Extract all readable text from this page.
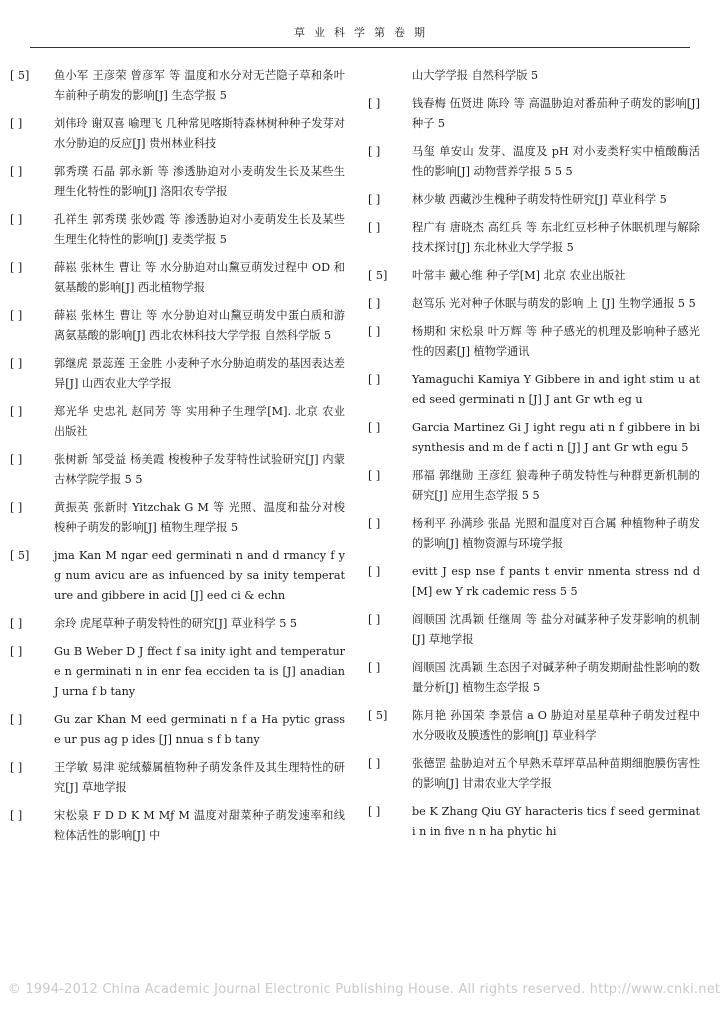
草业科学第卷期
[ 5]	鱼小军 王彦荣 曾彦军 等 温度和水分对无芒隐子草和条叶车前种子萌发的影响[J] 生态学报 5
[ ]	刘伟玲 谢双喜 喻理飞 几种常见喀斯特森林树种种子发芽对水分胁迫的反应[J] 贵州林业科技
[ ]	郭秀璞 石晶 郭永新 等 渗透胁迫对小麦萌发生长及某些生理生化特性的影响[J] 洛阳农专学报
[ ]	孔祥生 郭秀璞 张妙霞 等 渗透胁迫对小麦萌发生长及某些生理生化特性的影响[J] 麦类学报 5
[ ]	薛崧 张林生 曹让 等 水分胁迫对山黧豆萌发过程中 OD 和氨基酸的影响[J] 西北植物学报
[ ]	薛崧 张林生 曹让 等 水分胁迫对山黧豆萌发中蛋白质和游离氨基酸的影响[J] 西北农林科技大学学报 自然科学版 5
[ ]	郭继虎 景蕊莲 王金胜 小麦种子水分胁迫萌发的基因表达差异[J] 山西农业大学学报

[ ]	郑光华 史忠礼 赵同芳 等 实用种子生理学[M]. 北京 农业出版社
[ ]	张树新 邹受益 杨美霞 梭梭种子发芽特性试验研究[J] 内蒙古林学院学报 5 5
[ ]	黄振英 张新时 Yitzchak G M 等 光照、温度和盐分对梭梭种子萌发的影响[J] 植物生理学报 5
[ 5]	jma Kan M ngar eed germinati n and d rmancy f yg num avicu are as infuenced by sa inity temperature and gibbere in acid [J] eed ci & echn
[ ]	余玲 虎尾草种子萌发特性的研究[J] 草业科学 5 5
[ ]	Gu B Weber D J ffect f sa inity ight and temperature n germinati n in enr fea ecciden ta is [J] anadian J urna f b tany

[ ]	Gu zar Khan M eed germinati n f a Ha pytic grass e ur pus ag p ides [J] nnua s f b tany
[ ]	王学敏 易津 驼绒藜属植物种子萌发条件及其生理特性的研究[J] 草地学报

[ ]	宋松泉 F D D K M Mƒ M 温度对甜菜种子萌发速率和线粒体活性的影响[J] 中
山大学学报 自然科学版 5
[ ]	钱春梅 伍贤进 陈玲 等 高温胁迫对番茄种子萌发的影响[J] 种子 5
[ ]	马玺 单安山 发芽、温度及 pH 对小麦类籽实中植酸酶活性的影响[J] 动物营养学报 5 5 5
[ ]	林少敏 西藏沙生槐种子萌发特性研究[J] 草业科学 5
[ ]	程广有 唐晓杰 高红兵 等 东北红豆杉种子休眠机理与解除技术探讨[J] 东北林业大学学报 5
[ 5]	叶常丰 戴心维 种子学[M] 北京 农业出版社
[ ]	赵笃乐 光对种子休眠与萌发的影响 上 [J] 生物学通报 5 5
[ ]	杨期和 宋松泉 叶万辉 等 种子感光的机理及影响种子感光性的因素[J] 植物学通讯

[ ]	Yamaguchi Kamiya Y Gibbere in and ight stim u ated seed germinati n [J] J ant Gr wth eg u
[ ]	Garcia Martinez Gi J ight regu ati n f gibbere in bi synthesis and m de f acti n [J] J ant Gr wth egu 5
[ ]	邢福 郭继勋 王彦红 狼毒种子萌发特性与种群更新机制的研究[J] 应用生态学报 5 5
[ ]	杨利平 孙满珍 张晶 光照和温度对百合属 种植物种子萌发的影响[J] 植物资源与环境学报

[ ]	evitt J esp nse f pants t envir nmenta stress nd d [M] ew Y rk cademic ress 5 5
[ ]	阎顺国 沈禹颖 任继周 等 盐分对碱茅种子发芽影响的机制[J] 草地学报
[ ]	阎顺国 沈禹颖 生态因子对碱茅种子萌发期耐盐性影响的数量分析[J] 植物生态学报 5
[ 5]	陈月艳 孙国荣 李景信 a O 胁迫对星星草种子萌发过程中水分吸收及膜透性的影响[J] 草业科学
[ ]	张德罡 盐胁迫对五个早熟禾草坪草品种苗期细胞膜伤害性的影响[J] 甘肃农业大学学报

[ ]	be K Zhang Qiu GY haracteris tics f seed germinati n in five n n ha phytic hi
© 1994-2012 China Academic Journal Electronic Publishing House. All rights reserved. http://www.cnki.net
